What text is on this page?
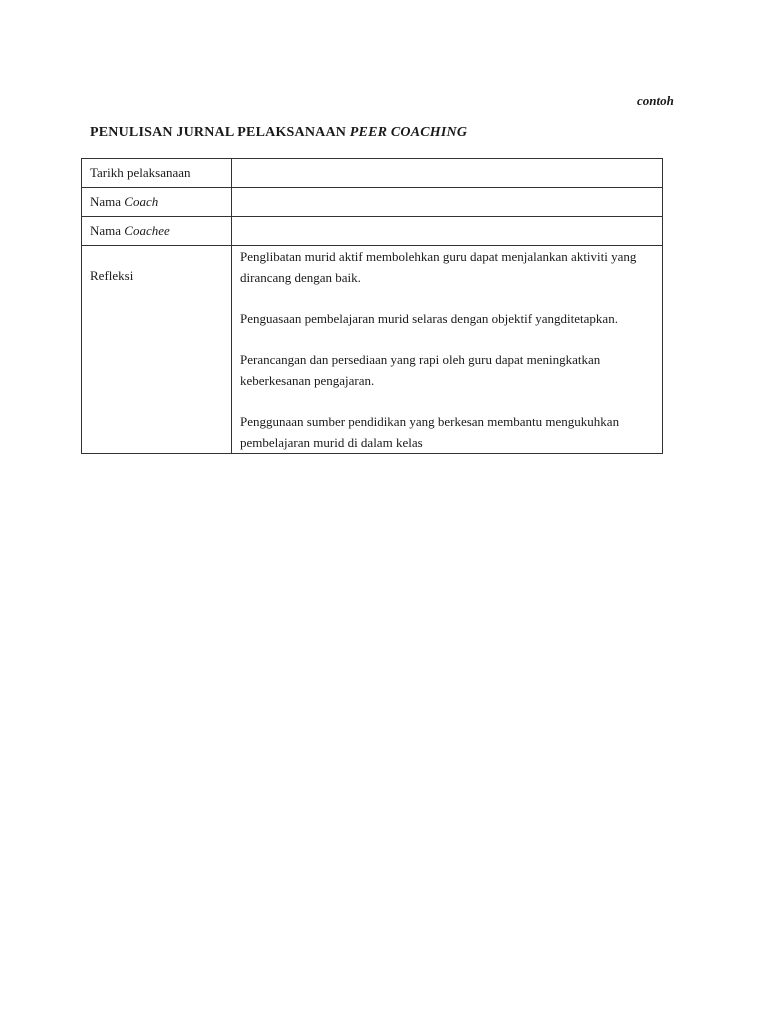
contoh
PENULISAN JURNAL PELAKSANAAN PEER COACHING
Tarikh pelaksanaan	
Nama Coach	
Nama Coachee	
Refleksi	Penglibatan murid aktif membolehkan guru dapat menjalankan aktiviti yang dirancang dengan baik.

Penguasaan pembelajaran murid selaras dengan objektif yangditetapkan.

Perancangan dan persediaan yang rapi oleh guru dapat meningkatkan keberkesanan pengajaran.

Penggunaan sumber pendidikan yang berkesan membantu mengukuhkan pembelajaran murid di dalam kelas
